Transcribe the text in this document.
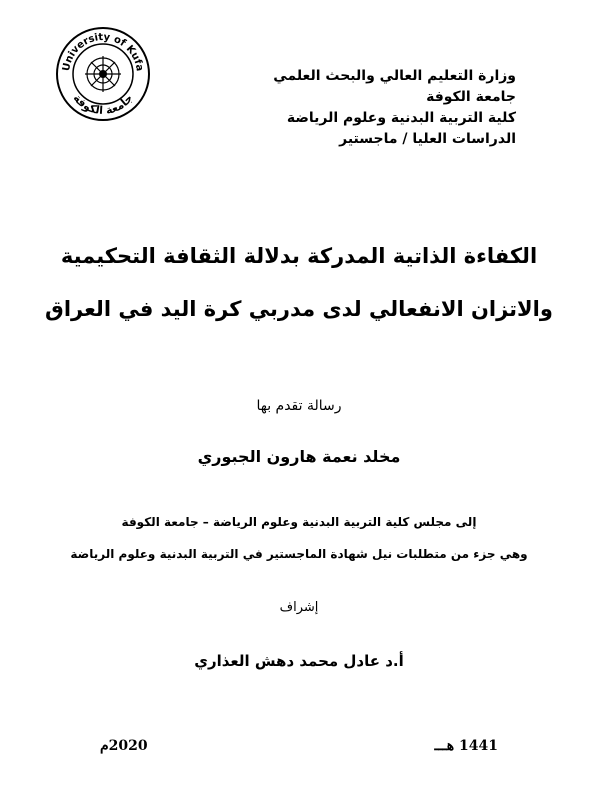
University of Kufa
جامعة الكوفة
وزارة التعليم العالي والبحث العلمي
جامعة الكوفة
كلية التربية البدنية وعلوم الرياضة
الدراسات العليا / ماجستير
الكفاءة الذاتية المدركة بدلالة الثقافة التحكيمية
والاتزان الانفعالي لدى مدربي كرة اليد في العراق
رسالة تقدم بها
مخلد نعمة هارون الجبوري
إلى مجلس كلية التربية البدنية وعلوم الرياضة – جامعة الكوفة
وهي جزء من متطلبات نيل شهادة الماجستير في التربية البدنية وعلوم الرياضة
إشراف
أ.د عادل محمد دهش العذاري
1441 هـــ
2020م
